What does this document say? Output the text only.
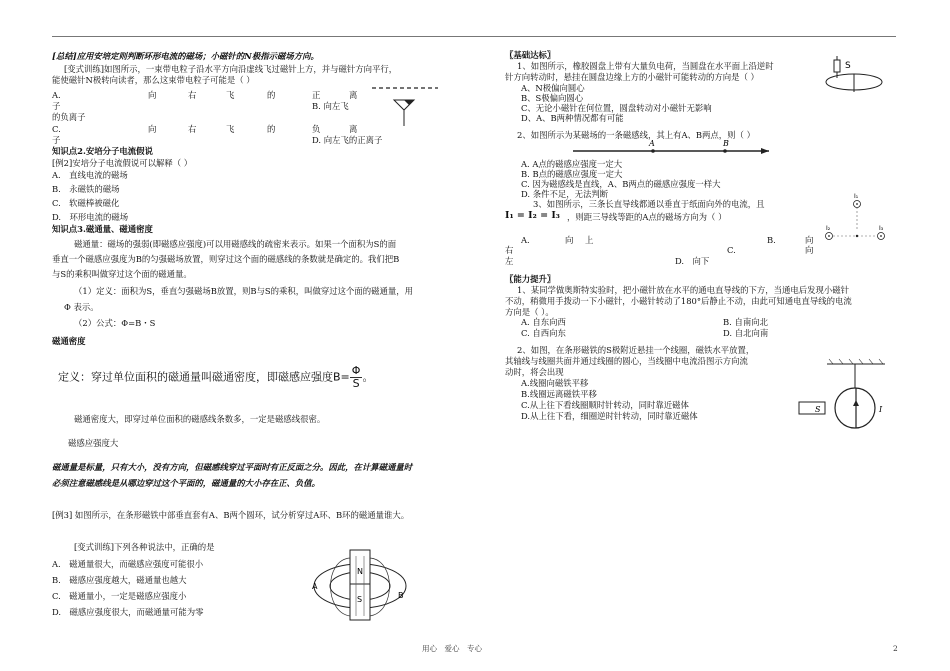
[总结]应用安培定则判断环形电流的磁场；小磁针的N极指示磁场方向。

[变式训练]如图所示，一束带电粒子沿水平方向沿虚线飞过磁针上方，并与磁针方向平行，

能使磁针N极转向读者，那么这束带电粒子可能是（ ）

A.	向	右	飞	的	正	离

子	B. 向左飞

的负离子

C.	向	右	飞	的	负	离

子	D. 向左飞的正离子

知识点2.安培分子电流假说

[例2]安培分子电流假说可以解释（ ）

A.　直线电流的磁场

B.　永磁铁的磁场

C.　软磁棒被磁化

D.　环形电流的磁场

知识点3.磁通量、磁通密度

磁通量：磁场的强弱(即磁感应强度)可以用磁感线的疏密来表示。如果一个面积为S的面

垂直一个磁感应强度为B的匀强磁场放置，则穿过这个面的磁感线的条数就是确定的。我们把B

与S的乘积叫做穿过这个面的磁通量。

（1）定义：面积为S，垂直匀强磁场B放置，则B与S的乘积，叫做穿过这个面的磁通量，用

Φ 表示。

（2）公式：Φ=B・S

磁通密度

定义：穿过单位面积的磁通量叫磁通密度，即磁感应强度$B= \frac{\Phi}{S}$ 。

磁通密度大，即穿过单位面积的磁感线条数多，一定是磁感线很密。

磁感应强度大

磁通量是标量，只有大小，没有方向，但磁感线穿过平面时有正反面之分。因此，在计算磁通量时

必须注意磁感线是从哪边穿过这个平面的，磁通量的大小存在正、负值。

[例3] 如图所示，在条形磁铁中部垂直套有A、B两个圆环，试分析穿过A环、B环的磁通量谁大。

[变式训练]下列各种说法中，正确的是

A.　磁通量很大，而磁感应强度可能很小

B.　磁感应强度越大，磁通量也越大

C.　磁通量小，一定是磁感应强度小

D.　磁感应强度很大，而磁通量可能为零

N
S
A
B

〖基础达标〗

1、如图所示，橡胶圆盘上带有大量负电荷，当圆盘在水平面上沿逆时

针方向转动时，悬挂在圆盘边缘上方的小磁针可能转动的方向是（ ）

A、N极偏向圆心

B、S极偏向圆心

C、无论小磁针在何位置，圆盘转动对小磁针无影响

D、A、B两种情况都有可能

S

2、如图所示为某磁场的一条磁感线，其上有A、B两点，则（ ）

A	B

A. A点的磁感应强度一定大

B. B点的磁感应强度一定大

C. 因为磁感线是直线，A、B两点的磁感应强度一样大

D. 条件不足，无法判断

3、如图所示，三条长直导线都通以垂直于纸面向外的电流，且

I₁ = I₂ = I₃ ，则距三导线等距的A点的磁场方向为（ ）

A.	向 上	B.	向

右	C.	向

左	D.　向下

I₁
I₂	I₃

〖能力提升〗

1、某同学做奥斯特实验时，把小磁针放在水平的通电直导线的下方，当通电后发现小磁针

不动，稍微用手拨动一下小磁针，小磁针转动了180°后静止不动，由此可知通电直导线的电流

方向是（ ）。

A. 自东向西	B. 自南向北

C. 自西向东	D. 自北向南

2、如图，在条形磁铁的S极附近悬挂一个线圈，磁铁水平放置，

其轴线与线圈共面并通过线圈的圆心，当线圈中电流沿图示方向流

动时，将会出现

A.线圈向磁铁平移

B.线圈远离磁铁平移

C.从上往下看线圈顺时针转动，同时靠近磁体

D.从上往下看，细圈逆时针转动，同时靠近磁体

S	I
用心　爱心　专心	2
